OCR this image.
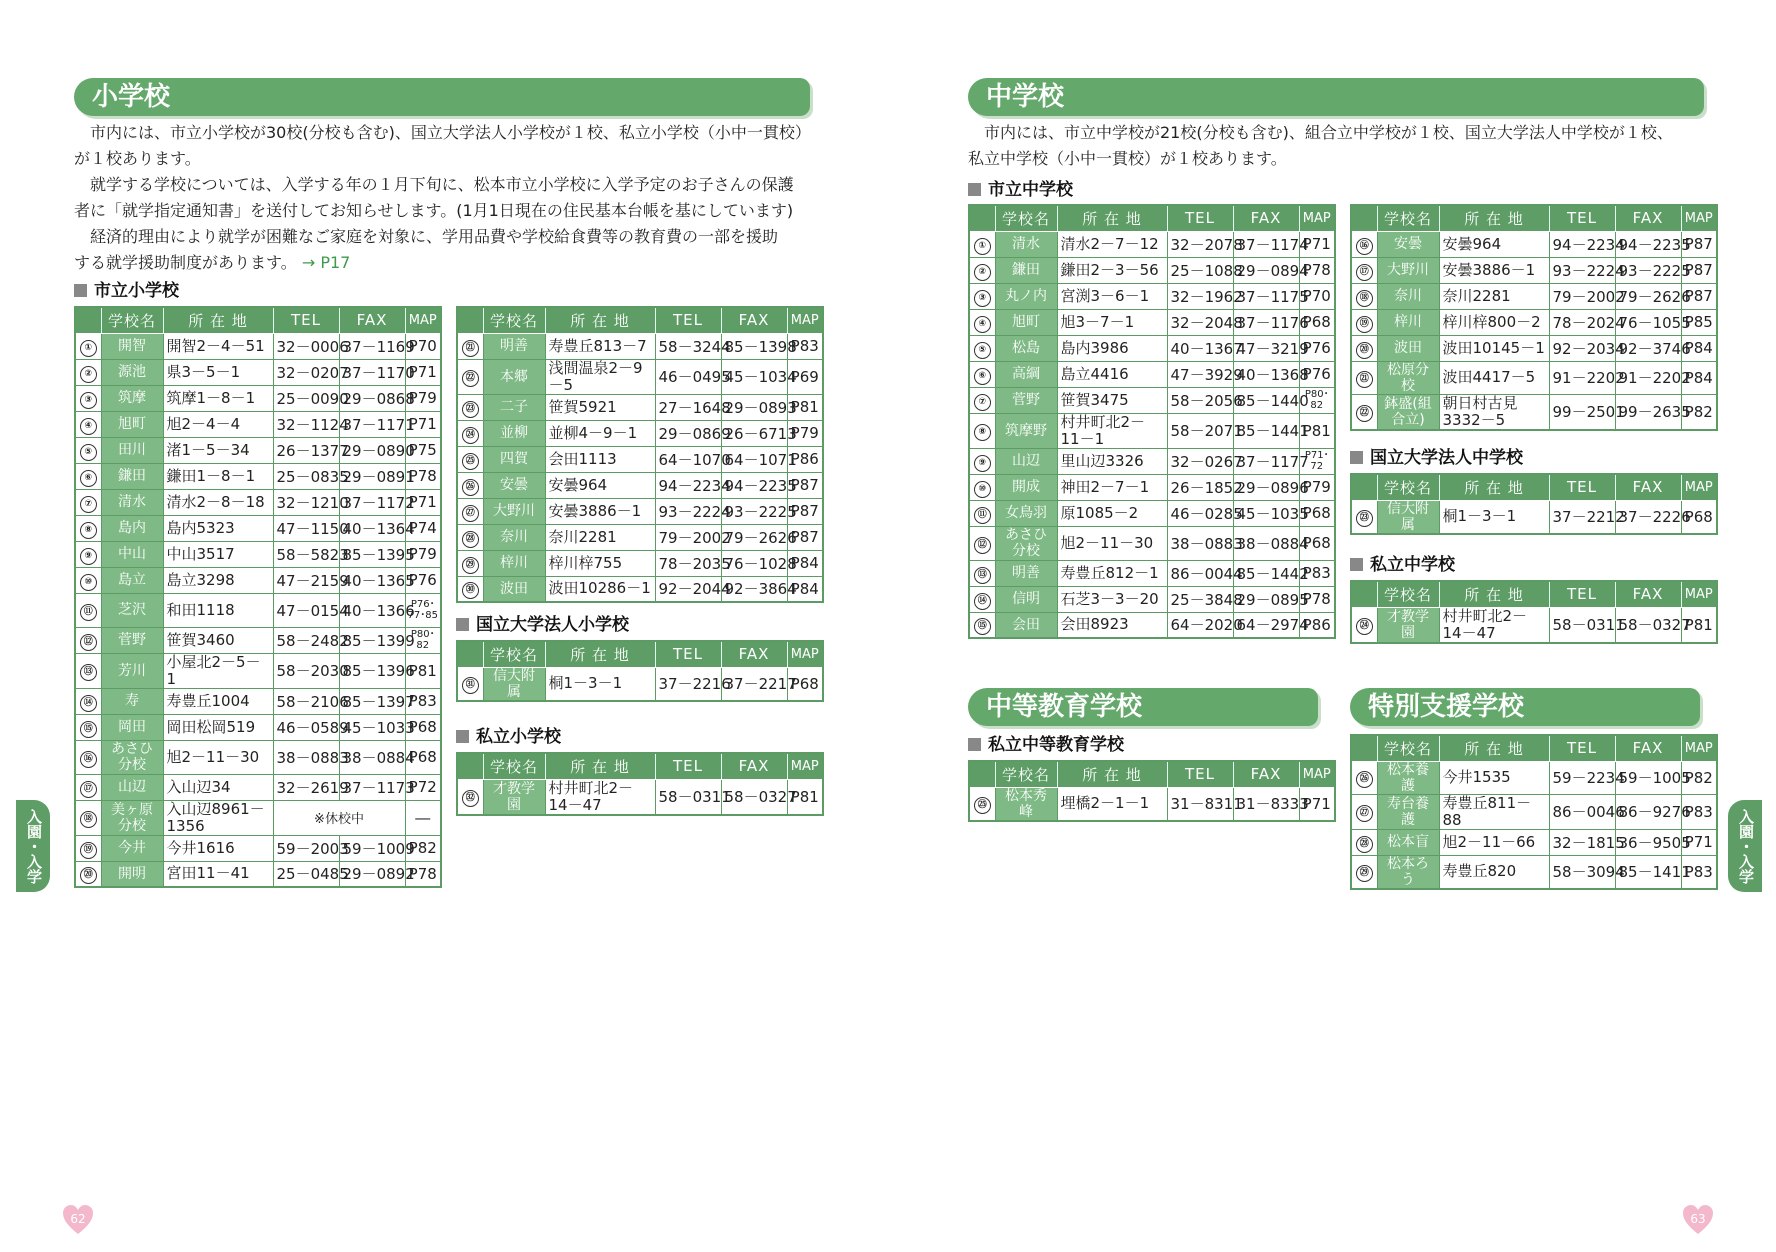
小学校
市内には、市立小学校が30校(分校も含む)、国立大学法人小学校が１校、私立小学校（小中一貫校）
が１校あります。
就学する学校については、入学する年の１月下旬に、松本市立小学校に入学予定のお子さんの保護
者に「就学指定通知書」を送付してお知らせします。(1月1日現在の住民基本台帳を基にしています)
経済的理由により就学が困難なご家庭を対象に、学用品費や学校給食費等の教育費の一部を援助
する就学援助制度があります。 → P17
市立小学校
	学校名	所 在 地	TEL	FAX	MAP
①	開智	開智2－4－51	32－0006	37－1169	P70
②	源池	県3－5－1	32－0207	37－1170	P71
③	筑摩	筑摩1－8－1	25－0090	29－0868	P79
④	旭町	旭2－4－4	32－1124	37－1171	P71
⑤	田川	渚1－5－34	26－1377	29－0890	P75
⑥	鎌田	鎌田1－8－1	25－0835	29－0891	P78
⑦	清水	清水2－8－18	32－1210	37－1172	P71
⑧	島内	島内5323	47－1150	40－1364	P74
⑨	中山	中山3517	58－5823	85－1395	P79
⑩	島立	島立3298	47－2159	40－1365	P76
⑪	芝沢	和田1118	47－0154	40－1366	P76･77･85
⑫	菅野	笹賀3460	58－2482	85－1399	P80･82
⑬	芳川	小屋北2－5－1	58－2030	85－1396	P81
⑭	寿	寿豊丘1004	58－2106	85－1397	P83
⑮	岡田	岡田松岡519	46－0589	45－1033	P68
⑯	あさひ分校	旭2－11－30	38－0883	38－0884	P68
⑰	山辺	入山辺34	32－2619	37－1173	P72
⑱	美ヶ原分校	入山辺8961－1356	※休校中		―
⑲	今井	今井1616	59－2003	59－1009	P82
⑳	開明	宮田11－41	25－0485	29－0892	P78
	学校名	所 在 地	TEL	FAX	MAP
㉑	明善	寿豊丘813－7	58－3244	85－1398	P83
㉒	本郷	浅間温泉2－9－5	46－0495	45－1034	P69
㉓	二子	笹賀5921	27－1648	29－0893	P81
㉔	並柳	並柳4－9－1	29－0869	26－6713	P79
㉕	四賀	会田1113	64－1070	64－1071	P86
㉖	安曇	安曇964	94－2234	94－2235	P87
㉗	大野川	安曇3886－1	93－2224	93－2225	P87
㉘	奈川	奈川2281	79－2002	79－2626	P87
㉙	梓川	梓川梓755	78－2035	76－1028	P84
㉚	波田	波田10286－1	92－2044	92－3864	P84
国立大学法人小学校
	学校名	所 在 地	TEL	FAX	MAP
㉛	信大附属	桐1－3－1	37－2216	37－2217	P68
私立小学校
	学校名	所 在 地	TEL	FAX	MAP
㉜	才教学園	村井町北2－14－47	58－0311	58－0327	P81
入園・入学
62
中学校
市内には、市立中学校が21校(分校も含む)、組合立中学校が１校、国立大学法人中学校が１校、
私立中学校（小中一貫校）が１校あります。
市立中学校
	学校名	所 在 地	TEL	FAX	MAP
①	清水	清水2－7－12	32－2078	37－1174	P71
②	鎌田	鎌田2－3－56	25－1088	29－0894	P78
③	丸ノ内	宮渕3－6－1	32－1962	37－1175	P70
④	旭町	旭3－7－1	32－2048	37－1176	P68
⑤	松島	島内3986	40－1367	47－3219	P76
⑥	高綱	島立4416	47－3929	40－1368	P76
⑦	菅野	笹賀3475	58－2056	85－1440	P80･82
⑧	筑摩野	村井町北2－11－1	58－2071	85－1441	P81
⑨	山辺	里山辺3326	32－0267	37－1177	P71･72
⑩	開成	神田2－7－1	26－1852	29－0896	P79
⑪	女鳥羽	原1085－2	46－0285	45－1035	P68
⑫	あさひ分校	旭2－11－30	38－0883	38－0884	P68
⑬	明善	寿豊丘812－1	86－0044	85－1442	P83
⑭	信明	石芝3－3－20	25－3848	29－0895	P78
⑮	会田	会田8923	64－2020	64－2974	P86
	学校名	所 在 地	TEL	FAX	MAP
⑯	安曇	安曇964	94－2234	94－2235	P87
⑰	大野川	安曇3886－1	93－2224	93－2225	P87
⑱	奈川	奈川2281	79－2002	79－2626	P87
⑲	梓川	梓川梓800－2	78－2024	76－1055	P85
⑳	波田	波田10145－1	92－2034	92－3746	P84
㉑	松原分校	波田4417－5	91－2202	91－2202	P84
㉒	鉢盛(組合立)	朝日村古見3332－5	99－2501	99－2635	P82
国立大学法人中学校
	学校名	所 在 地	TEL	FAX	MAP
㉓	信大附属	桐1－3－1	37－2212	37－2226	P68
私立中学校
	学校名	所 在 地	TEL	FAX	MAP
㉔	才教学園	村井町北2－14－47	58－0311	58－0327	P81
中等教育学校
私立中等教育学校
	学校名	所 在 地	TEL	FAX	MAP
㉕	松本秀峰	埋橋2－1－1	31－8311	31－8333	P71
特別支援学校
	学校名	所 在 地	TEL	FAX	MAP
㉖	松本養護	今井1535	59－2234	59－1005	P82
㉗	寿台養護	寿豊丘811－88	86－0046	86－9276	P83
㉘	松本盲	旭2－11－66	32－1815	36－9505	P71
㉙	松本ろう	寿豊丘820	58－3094	85－1411	P83	入園・入学
63
